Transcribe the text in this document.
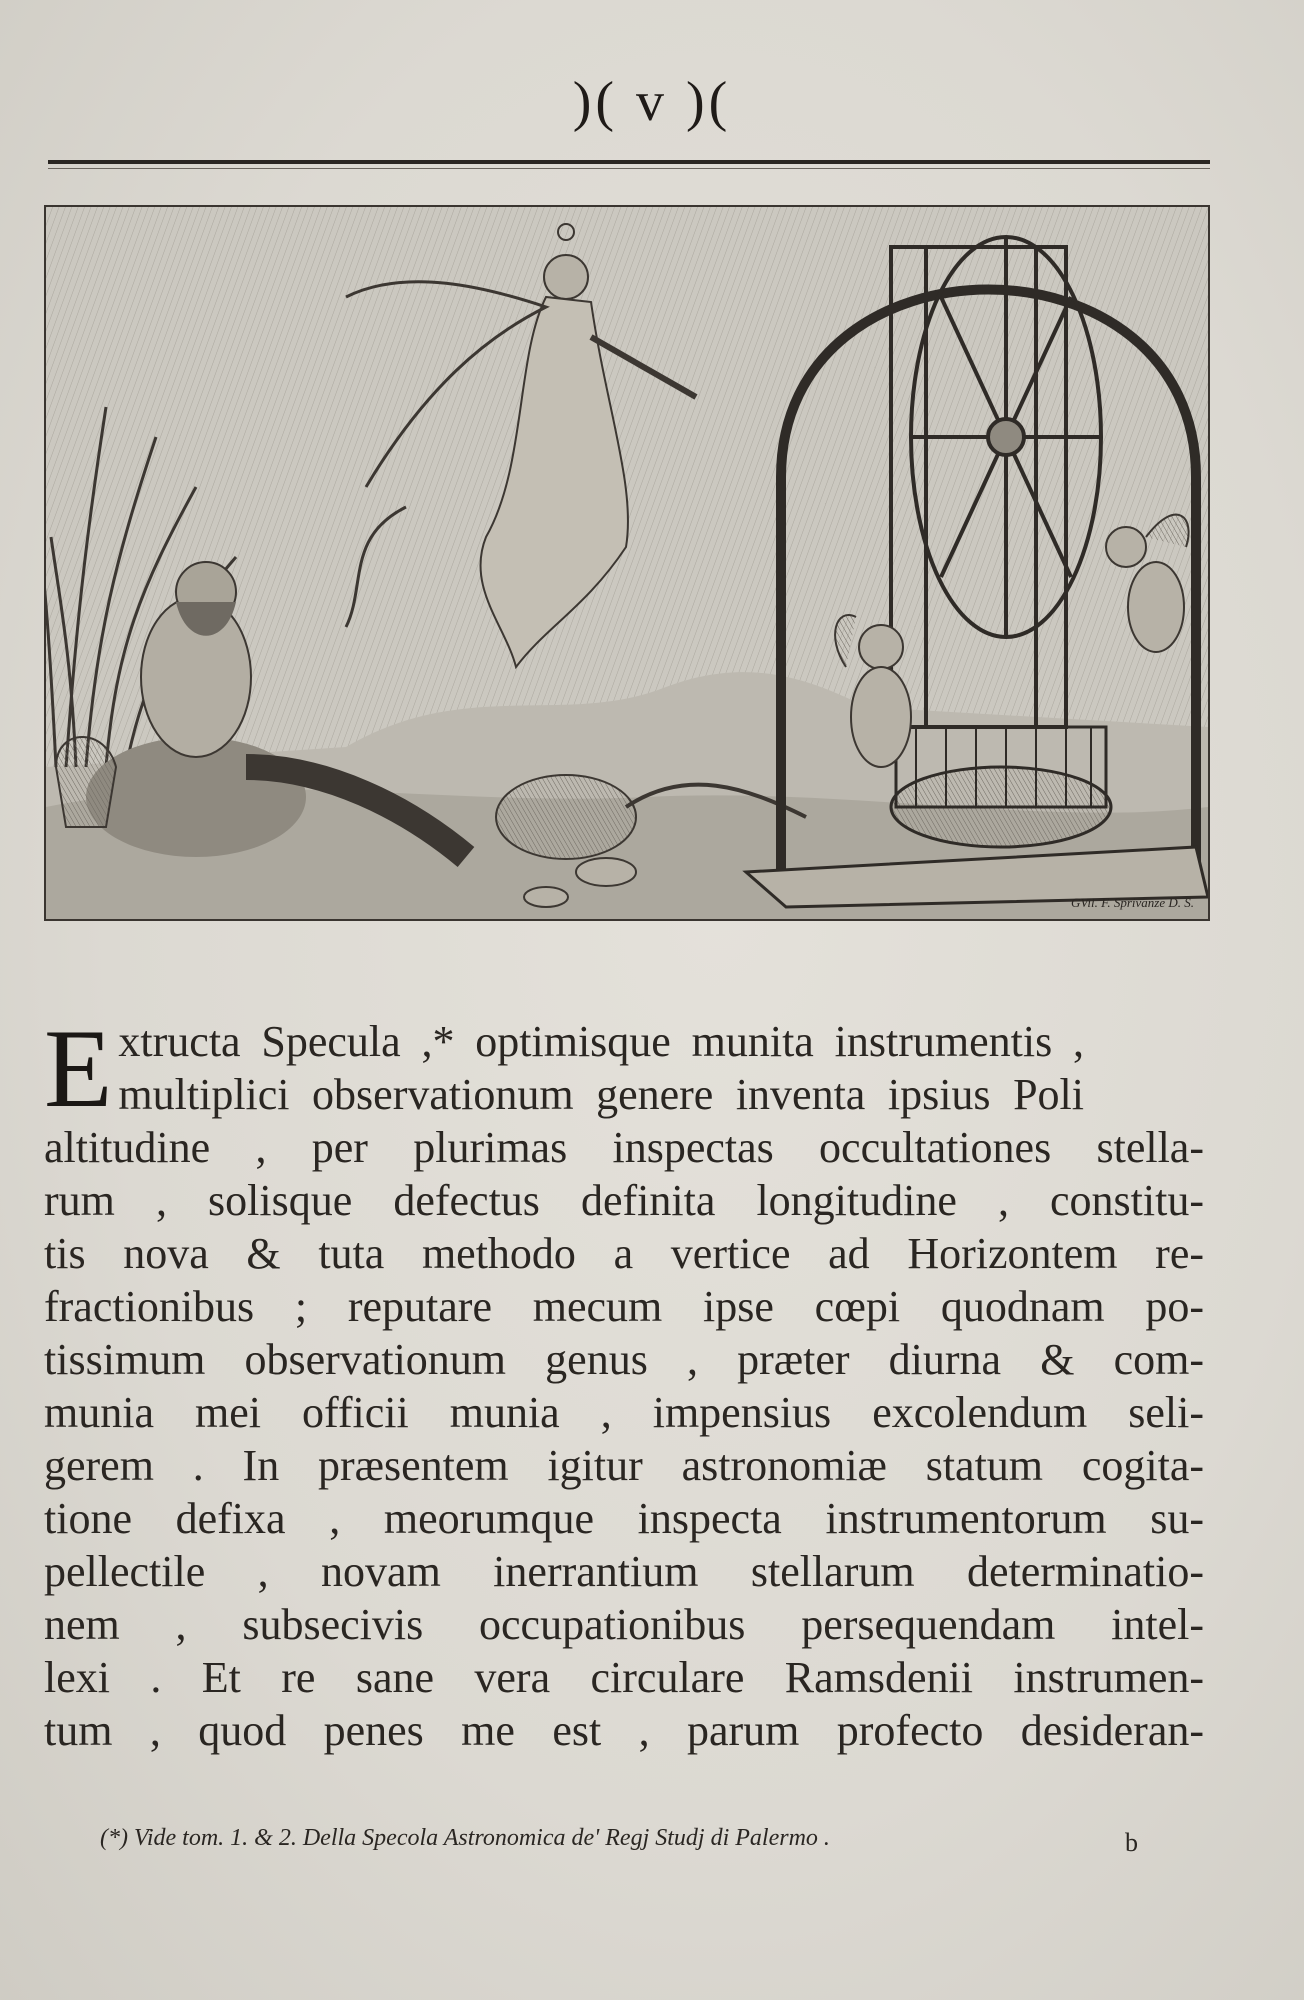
)( v )(
GVil. F. Sprivanze D. S.
E xtructa Specula ,* optimisque munita instrumentis ,
multiplici observationum genere inventa ipsius Poli
altitudine , per plurimas inspectas occultationes stella-
rum , solisque defectus definita longitudine , constitu-
tis nova & tuta methodo a vertice ad Horizontem re-
fractionibus ; reputare mecum ipse cœpi quodnam po-
tissimum observationum genus , præter diurna & com-
munia mei officii munia , impensius excolendum seli-
gerem . In præsentem igitur astronomiæ statum cogita-
tione defixa , meorumque inspecta instrumentorum su-
pellectile , novam inerrantium stellarum determinatio-
nem , subsecivis occupationibus persequendam intel-
lexi . Et re sane vera circulare Ramsdenii instrumen-
tum , quod penes me est , parum profecto desideran-
(*) Vide tom. 1. & 2. Della Specola Astronomica de' Regj Studj di Palermo .	b
